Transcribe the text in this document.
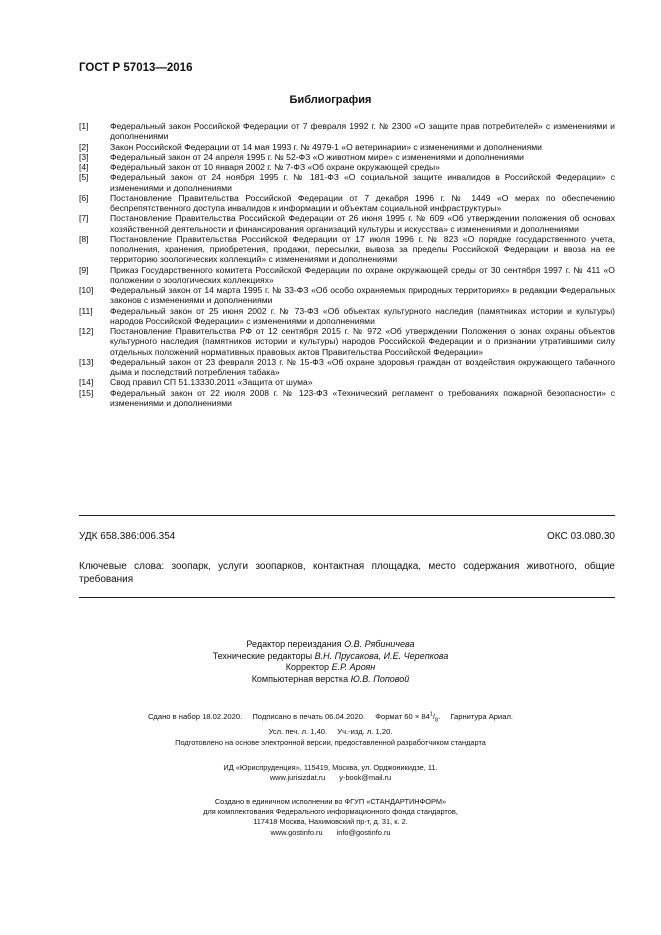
ГОСТ Р 57013—2016
Библиография
[1]	Федеральный закон Российской Федерации от 7 февраля 1992 г. № 2300 «О защите прав потребителей» с изменениями и дополнениями
[2]	Закон Российской Федерации от 14 мая 1993 г. № 4979-1 «О ветеринарии» с изменениями и дополнениями
[3]	Федеральный закон от 24 апреля 1995 г. № 52-ФЗ «О животном мире» с изменениями и дополнениями
[4]	Федеральный закон от 10 января 2002 г. № 7-ФЗ «Об охране окружающей среды»
[5]	Федеральный закон от 24 ноября 1995 г. № 181-ФЗ «О социальной защите инвалидов в Российской Федерации» с изменениями и дополнениями
[6]	Постановление Правительства Российской Федерации от 7 декабря 1996 г. № 1449 «О мерах по обеспечению беспрепятственного доступа инвалидов к информации и объектам социальной инфраструктуры»
[7]	Постановление Правительства Российской Федерации от 26 июня 1995 г. № 609 «Об утверждении положения об основах хозяйственной деятельности и финансирования организаций культуры и искусства» с изменениями и дополнениями
[8]	Постановление Правительства Российской Федерации от 17 июля 1996 г. № 823 «О порядке государственного учета, пополнения, хранения, приобретения, продажи, пересылки, вывоза за пределы Российской Федерации и ввоза на ее территорию зоологических коллекций» с изменениями и дополнениями
[9]	Приказ Государственного комитета Российской Федерации по охране окружающей среды от 30 сентября 1997 г. № 411 «О положении о зоологических коллекциях»
[10]	Федеральный закон от 14 марта 1995 г. № 33-ФЗ «Об особо охраняемых природных территориях» в редакции Федеральных законов с изменениями и дополнениями
[11]	Федеральный закон от 25 июня 2002 г. № 73-ФЗ «Об объектах культурного наследия (памятниках истории и культуры) народов Российской Федерации» с изменениями и дополнениями
[12]	Постановление Правительства РФ от 12 сентября 2015 г. № 972 «Об утверждении Положения о зонах охраны объектов культурного наследия (памятников истории и культуры) народов Российской Федерации и о признании утратившими силу отдельных положений нормативных правовых актов Правительства Российской Федерации»
[13]	Федеральный закон от 23 февраля 2013 г. № 15-ФЗ «Об охране здоровья граждан от воздействия окружающего табачного дыма и последствий потребления табака»
[14]	Свод правил СП 51.13330.2011 «Защита от шума»
[15]	Федеральный закон от 22 июля 2008 г. № 123-ФЗ «Технический регламент о требованиях пожарной безопасности» с изменениями и дополнениями
УДК 658.386:006.354	ОКС 03.080.30
Ключевые слова: зоопарк, услуги зоопарков, контактная площадка, место содержания животного, общие требования
Редактор переиздания О.В. Рябиничева
Технические редакторы В.Н. Прусакова, И.Е. Черепкова
Корректор Е.Р. Ароян
Компьютерная верстка Ю.В. Поповой
Сдано в набор 18.02.2020. Подписано в печать 06.04.2020. Формат $60 \times 84^1/_8$. Гарнитура Ариал.
Усл. печ. л. 1,40. Уч.-изд. л. 1,20.
Подготовлено на основе электронной версии, предоставленной разработчиком стандарта
ИД «Юриспруденция», 115419, Москва, ул. Орджоникидзе, 11.
www.jurisizdat.ru y-book@mail.ru
Создано в единичном исполнении во ФГУП «СТАНДАРТИНФОРМ»
для комплектования Федерального информационного фонда стандартов,
117418 Москва, Нахимовский пр-т, д. 31, к. 2.
www.gostinfo.ru info@gostinfo.ru
